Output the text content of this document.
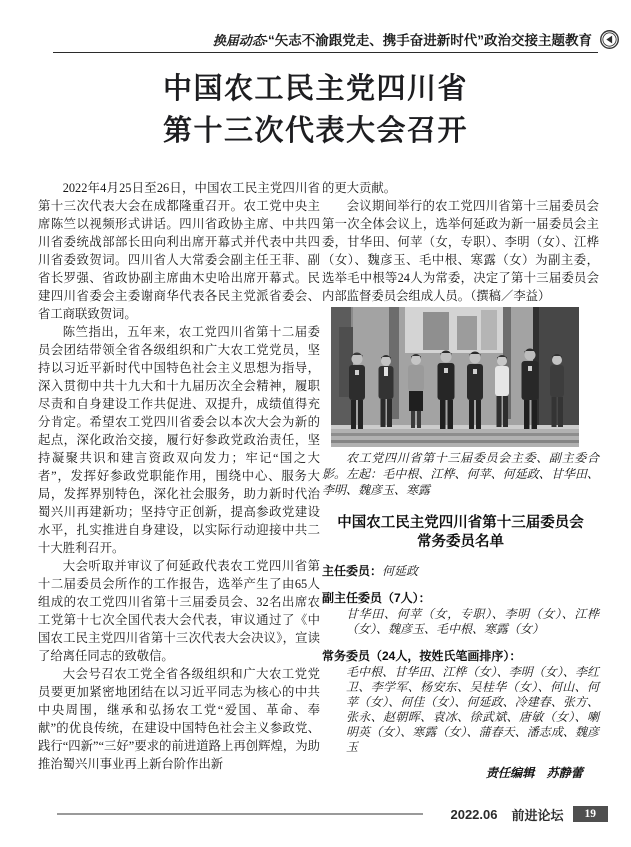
换届动态·“矢志不渝跟党走、携手奋进新时代”政治交接主题教育
中国农工民主党四川省
第十三次代表大会召开

2022年4月25日至26日，中国农工民主党四川省第十三次代表大会在成都隆重召开。农工党中央主席陈竺以视频形式讲话。四川省政协主席、中共四川省委统战部部长田向利出席开幕式并代表中共四川省委致贺词。四川省人大常委会副主任王菲、副省长罗强、省政协副主席曲木史哈出席开幕式。民建四川省委会主委谢商华代表各民主党派省委会、省工商联致贺词。

陈竺指出，五年来，农工党四川省第十二届委员会团结带领全省各级组织和广大农工党党员，坚持以习近平新时代中国特色社会主义思想为指导，深入贯彻中共十九大和十九届历次全会精神，履职尽责和自身建设工作共促进、双提升，成绩值得充分肯定。希望农工党四川省委会以本次大会为新的起点，深化政治交接，履行好参政党政治责任，坚持凝聚共识和建言资政双向发力；牢记“国之大者”，发挥好参政党职能作用，围绕中心、服务大局，发挥界别特色，深化社会服务，助力新时代治蜀兴川再建新功；坚持守正创新，提高参政党建设水平，扎实推进自身建设，以实际行动迎接中共二十大胜利召开。

大会听取并审议了何延政代表农工党四川省第十二届委员会所作的工作报告，选举产生了由65人组成的农工党四川省第十三届委员会、32名出席农工党第十七次全国代表大会代表，审议通过了《中国农工民主党四川省第十三次代表大会决议》，宣读了给离任同志的致敬信。

大会号召农工党全省各级组织和广大农工党党员要更加紧密地团结在以习近平同志为核心的中共中央周围，继承和弘扬农工党“爱国、革命、奉献”的优良传统，在建设中国特色社会主义参政党、践行“四新”“三好”要求的前进道路上再创辉煌，为助推治蜀兴川事业再上新台阶作出新

的更大贡献。

会议期间举行的农工党四川省第十三届委员会第一次全体会议上，选举何延政为新一届委员会主委，甘华田、何苹（女，专职）、李明（女）、江桦（女）、魏彦玉、毛中根、寒露（女）为副主委，选举毛中根等24人为常委，决定了第十三届委员会内部监督委员会组成人员。（撰稿／李益）

农工党四川省第十三届委员会主委、副主委合影。左起：毛中根、江桦、何苹、何延政、甘华田、李明、魏彦玉、寒露
中国农工民主党四川省第十三届委员会
常务委员名单
主任委员：何延政
副主任委员（7人）：
甘华田、何苹（女，专职）、李明（女）、江桦（女）、魏彦玉、毛中根、寒露（女）
常务委员（24人，按姓氏笔画排序）：
毛中根、甘华田、江桦（女）、李明（女）、李红卫、李学军、杨安东、吴桂华（女）、何山、何苹（女）、何佳（女）、何延政、冷建春、张方、张永、赵朝晖、袁冰、徐武斌、唐敏（女）、喇明英（女）、寒露（女）、蒲春天、潘志成、魏彦玉
责任编辑 苏静蕾
2022.06 前进论坛	19
